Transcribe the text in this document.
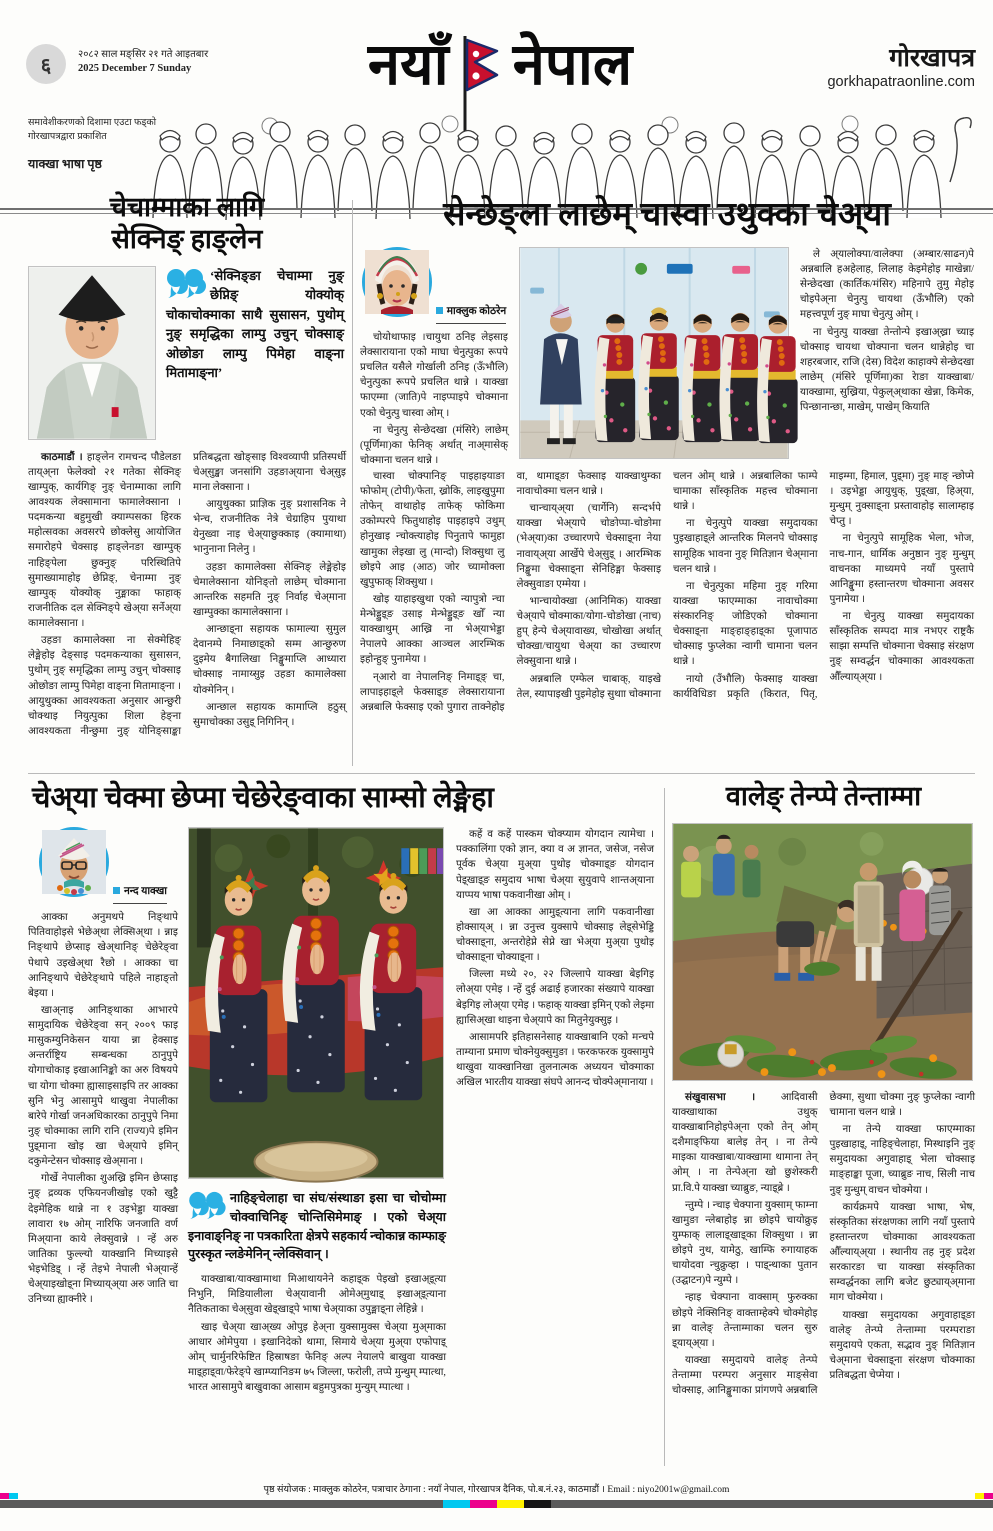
६	२०८२ साल मङ्सिर २१ गते आइतबार
2025 December 7 Sunday	नयाँ नेपाल	गोरखापत्र
gorkhapatraonline.com
समावेशीकरणको दिशामा एउटा फड्को
गोरखापत्रद्वारा प्रकाशित
याक्खा भाषा पृष्ठ
चेचाम्माका लागि
सेक्निङ् हाङ्लेन
‘सेक्निङ्ङा चेचाम्मा नुङ् छेप्निङ् योक्योक् चोकाचोक्माका साथै सुसासन, पुथोम् नुङ् समृद्धिका लाम्पु उचुन् चोक्साङ् ओछोङा लाम्पु पिमेहा वाङ्ना मितामाङ्ना’

काठमाडौं । हाङ्लेन रामचन्द पौडेलङा ताय्अ्ना फेलेक्वो २१ गतेका सेक्निङ् खाम्पुक्, कार्यगिङ् नुङ् चेनाम्माका लागि आवश्यक लेक्सामाना फामालेक्साना । पदमकन्या बहुमुखी क्याम्पसका हिरक महोत्सवका अवसरपे छोक्लेसु आयोजित समारोहपे चेक्साइ हाङ्लेनङा खाम्पुक् नाहिङ्पेला छुक्नुङ् परिस्थितिपे सुमाख्यामाहोइ छेप्निङ्, चेनाम्मा नुङ् खाम्पुक् योक्योक् नुङ्माका फाहाक् राजनीतिक दल सेक्निङ्पे खेअ्या सर्नेअ्या कामालेक्साना ।

उहङा कामालेक्सा ना सेक्मेहिङ् लेङ्मेहोइ देङ्साइ पदमकन्याका सुसासन, पुथोम् नुङ् समृद्धिका लाम्पु उचुन् चोक्साइ ओछोङा लाम्पु पिमेहा वाङ्ना मितामाङ्ना । आयुथुक्का आवश्यकता अनुसार आन्छुरी चोक्थाइ नियुत्पुका शिला हेङ्ना आवश्यकता नीन्छुमा नुङ् योनिङ्साङ्का प्रतिबद्धता खोङ्साइ विश्वव्यापी प्रतिस्पर्धी चेअ्सुङ्खा जनसांगि उहङाअ्याना चेअ्सुइ माना लेक्साना ।

आयुथुक्का प्राज्ञिक नुङ् प्रशासनिक ने भेन्च, राजनीतिक नेत्रे चेग्राहिप पुयाथा येनुख्वा नाइ चेअ्याछुक्काइ (क्यामाथा) भानुनाना निलेनु ।

उहङा कामालेक्सा सेक्निङ् लेङ्मेहोइ चेमालेक्साना योनिङ्तो लाछेम् चोक्माना आन्तरिक सहमति नुङ् निर्वाह चेअ्माना खाम्पुक्का कामालेक्साना ।

आन्छाइ्ना सहायक फामाल्या सुमुल देवानम्पे निमाछाइ्को सम्म आन्छुरुण दुइमेय बैगालिखा निङ्खुमाप्लि आध्यारा चोक्साइ नामाय्सुइ उहङा कामालेक्सा योक्मेनिन् ।

आन्छाल सहायक कामाप्लि हठुस् सुमाचोक्का उसुइ् निगिनिन् ।

सेन्छेङ्ला लाछेम् चास्वा उथुक्का चेअ्या
माक्लुक कोठरेन

चोयोथाफाइ ।चायुथा ठनिइ लेइसाइ लेक्सारायाना एको माघा चेनुत्पुका रूपपे प्रचलित यसैले गोर्खाली ठनिइ (ऊँभौलि) चेनुत्पुका रूपपे प्रचलित थान्ने । याक्खा फाएम्मा (जाति)पे नाइप्पाइपे चोक्माना एको चेनुत्पु चास्वा ओम् ।

ना चेनुत्पु सेन्छेदखा (मंसिरे) लाछेम् (पूर्णिमा)का फेनिक् अर्थात् नाअ्मासेक् चोक्माना चलन थान्ने ।

ले अ्यालोक्पा/वालेक्पा (अम्बार/साढन)पे अन्नबालि हअहेलाह, लिलाह केइमेहोइ माखेन्ना/सेन्छेदखा (कार्तिक/मंसिर) महिनापे तुमु मेहोइ चोइपेअ्ना चेनुत्पु चायथा (ऊँभौलि) एको महत्त्वपूर्ण नुङ् माघा चेनुत्पु ओम् ।

ना चेनुत्पु याक्खा तेन्तोन्पे इखाअ्ख्रा च्याइ चोक्साइ चायथा चोक्पाना चलन थान्नेहोइ चा शहरबजार, राजि (देस) विदेश काहाक्पे सेन्छेदखा लाछेम् (मंसिरे पूर्णिमा)का रेाङा याक्खाबा/याक्खामा, सुख्रिया, पेकुल्अ्थाका खेन्ना, किमेक, पिन्छानान्छा, माखेम्, पाखेम् कियाति

चास्वा चोक्पानिङ् पाइहाइयाङा फोफोम् (टोपी)/फेता, ख्रोकि, लाइखुपुमा तोफेन् वाथाहोइ ताफेक् फोकिमा उकोम्परपे फितुथाहोइ पाइहाइपे उथुम् होनुखाइ न्चोक्त्याहोइ पिनुतापे फामुहा खामुका लेइखा लु (मान्दो) शिक्सुथा लु छोइपे आइ (आठ) जोर च्यामोक्ला खुपुफाक् शिक्सुथा ।

खोइ याहाइखुथा एको न्यापुत्रो न्चा मेन्भेड्डुइ्ङ उसाइ मेन्भेड्डुइ्ङ खोँ न्या याक्खाथुम् आख्रि ना भेअ्याभेड्डा नेपालपे आक्का आञ्चल आरम्भिक इहोन्हुङ् पुनामेया ।

न्आरो वा नेपालनिङ् निमाइ्ङ् चा, लापाइहाइ्ले फेक्साइ्ङ लेक्सारायाना अन्नबालि फेक्साइ एको पुगारा ताक्नेहोइ वा, थामाइ्ङा फेक्साइ याक्खाथुम्का नावाचोक्मा चलन थान्ने ।

चान्चाय्अ्या (चार्गेनि) सन्दर्भपे याक्खा भेअ्यापे चोङोप्पा-चोङोमा (भेअ्या)का उच्चारणपे चेक्साइ्ना नेया नावाय्अ्या आर्खेपे चेअ्सुइ् । आरम्भिक निङ्खुमा चेक्साइ्ना सेनिहिङ्मा फेक्साइ लेक्सुवाङा एम्मेया ।

भान्चायोक्खा (आनिमिक) याक्खा चेअ्यापे चोक्माका/योगा-चोङोखा (नाच) हुप् हेन्पे चेअ्यावाख्य, चोखोखा अर्थात् चोक्खा/चायुथा चेअ्या का उच्चारण लेक्सुवाना थान्ने ।

अन्नबालि एम्फेल चाबाक्, याइखे तेल, स्यापाइखी पुइमेहोइ सुथाा चोक्माना चलन ओम् थान्ने । अन्नबालिका फाम्पे चामाका साँस्कृतिक महत्त्व चोक्माना थान्ने ।

ना चेनुत्पुपे याक्खा समुदायका पुइखाहाइ्ले आन्तरिक मिलनपे चोक्साइ सामूहिक भावना नुङ् मितिज्ञान चेअ्माना चलन थान्ने ।

ना चेनुत्पुका महिमा नुङ् गरिमा याक्खा फाएम्माका नावाचोक्मा संस्कारनिङ् जोडिएको चोक्माना चेक्साइ्ना माङ्हाङ्हाइ्का पूजापाठ चोक्साइ फुप्लेका न्वागी चामाना चलन थान्ने ।

नायो (उँभौलि) फेक्साइ याक्खा कार्यविधिङा प्रकृति (किरात, पितृ, माइम्मा, हिमाल, पुइ्मा) नुङ् माङ् न्छोप्मे । उइभेड्डा आयुथुक्, पुइ्खा, हिअ्या, मुन्धुम् नुक्साइ्ना प्रस्तावाहोइ सालाम्हाइ चेप्तु ।

ना चेनुत्पुपे सामूहिक भेला, भोज, नाच-गान, धार्मिक अनुष्ठान नुङ् मुन्धुम् वाचनका माध्यमपे नयाँ पुस्तापे आनिङ्खुमा हस्तान्तरण चोक्माना अवसर पुनामेया ।

ना चेनुत्पु याक्खा समुदायका साँस्कृतिक सम्पदा मात्र नभएर राष्ट्रकै साझा सम्पत्ति चोक्माना चेक्साइ संरक्षण नुङ् सम्वर्द्धन चोक्माका आवश्यकता औँल्याय्अ्या ।

चेअ्या चेक्मा छेप्मा चेछेरेङ्वाका साम्सो लेङ्मेहा
नन्द याक्खा

आक्का अनुमथपे निङ्थापे पितिवाहोइसे भेछेअ्था लेक्सिअ्था । न्नाइ निङ्थापे छेप्साइ खेअ्थानिङ् चेछेरेङ्वा पेथापे उइखेअ्था रैछो । आक्का चा आनिङ्थापे चेछेरेङ्थापे पहिले नाहाङ्तो बेइया ।

खाअ्नाइ आनिङ्थाका आभारपे सामुदायिक चेछेरेङ्वा सन् २००९ फाइ मासुकम्युनिकेसन याया न्ना हेक्साइ अन्तर्राष्ट्रिय सम्बन्धका ठानुपुपे योगाचोकाइ इखाआनिङ्को का अरु विषयपे चा योगा चोक्मा ह्यासाइसाइपि तर आक्का सुनि भेनु आसामुपे थाखुवा नेपालीका बारेपे गोर्खा जनअधिकारका ठानुपुपे निमा नुङ् चोक्माका लागि रानि (राज्य)पे इमिन पुइ्माना खोइ खा चेअ्यापे इमिन् दकुमेन्टेसन चोक्साइ खेअ्माना ।

गोर्खे नेपालीका शुअख्रि इमिन छेप्साइ नुङ् द्रव्यक एफियनजीखोइ एको खुट्टै देइमेहिक थान्ने ना १ उइभेड्डा याक्खा लावारा १७ ओम् नारिफि जनजाति वर्ण मिअ्याना काये लेक्सुवान्ने । न्हें अरु जातिका फुल्ल्यो याक्खानि मिच्याइसे भेइभेडिइ् । न्हें तेइभे नेपाली भेअ्यान्हें चेअ्याइखोइ्ना मिच्याय्अ्या अरु जाति चा उनिच्या ह्याक्नीरे ।

नाहिङ्चेलाहा चा संघ/संस्थाङा इसा चा चोचोम्मा चोक्वाचिनिङ् चोन्तिसिमेमाङ् । एको चेअ्या इनावाङ्निङ् ना पत्रकारिता क्षेत्रपे सहकार्य न्चोकान्न काम्फाङ् पुरस्कृत न्लङेमेनिन् न्लेक्सिवान् ।

याक्खाबा/याक्खामाथा मिआथायनेने कहाइ्क पेइखो इखाअ्इ्त्या निभुनि, मिडियालीला चेअ्यावानी ओमेअ्मुथाइ् इखाअ्इ्त्याना नैतिकताका चेअ्सुवा खेइ्खाइ्पे भाषा चेअ्याका उपुङ्माइ्ना लेहिन्ने ।

खाइ चेअ्या खाअ्ख्य ओपुइ हेअ्ना युक्सामुक्स चेअ्या मुअ्माका आधार ओमेपुया । इखानिदेको थामा, सिमाये चेअ्या मुअ्या एफोपाइ् ओम् चार्मुनरिफेष्टित हिस्राषङा फेनिङ् अल्प नेयालपे बाखुवा याक्खा माइ्हाइ्वा/फेरेङ्पे खाम्प्यानिङम ७५ जिल्ला, फरोली, तप्पे मुन्थुम् म्पात्था, भारत आसामुपे बाखुवाका आसाम बहुमपुत्रका मुन्युम् म्पात्था ।

कहें व कहें पास्कम चोक्प्याम योगदान त्यामेचा । पक्कालिंगा एको ज्ञान, क्या व अ ज्ञानत, जसेज, नसेज पूर्वक चेअ्या मुअ्या पुथोइ चोक्माइ्ङ योगदान पेइ्खाइ्ङ समुदाय भाषा चेअ्या सुयुवापे शान्तअ्याना याप्पय भाषा पकवानीखा ओम् ।

खा आ आक्का आमुइ्त्याना लागि पकवानीखा होक्साय्अ् । न्ना उनुत्त्व युक्सापे चोक्साइ लेइ्सेभेड्डि चोक्साइ्ना, अन्तरोहेप्ने सेप्ने खा भेअ्या मुअ्या पुथोइ चोक्साइ्ना चोक्याइ्ना ।

जिल्ला मध्ये २०, २२ जिल्लापे याक्खा बेइगिइ लोअ्या एमेइ । न्हें दुई अढाई हजारका संख्यापे याक्खा बेइगिइ लोअ्या एमेइ । फहाक् याक्खा इमिन् एको लेइमा ह्यासिअ्खा थाइना चेअ्यापे का मितुनेयुक्सुइ ।

आसामपरि इतिहासनेसाह याक्खाबानि एको मन्चपे ताम्याना प्रमाण चोक्नेयुक्सुमुङा । फरकफरक युक्सामुपे थाखुवा याक्खानिखा तुलनात्मक अध्ययन चोक्माका अखिल भारतीय याक्खा संघपे आनन्द चोक्पेअ्मानाया ।

वालेङ् तेन्प्पे तेन्ताम्मा

संखुवासभा । आदिवासी याक्खाथाका उथुक् याक्खाबानिहोइपेअ्ना एको तेन् ओम् दशैमाङ्फिया बालेइ तेन् । ना तेन्पे माइका याक्खाबा/याक्खामा थामाना तेन् ओम् । ना तेन्पेअ्ना खो छुशेस्करी प्रा.वि.पे याक्खा च्याब्रुङ, न्याइ्ब्रे ।

न्तुम्पे । न्चाइ चेक्पाना युक्साम् फाम्ना खामुङा न्लेबाहोइ न्ना छोइपे चायोक्रुइ युम्फाक् लालाइ्खाइ्का शिक्सुथा । न्ना छोइपे नुथ, यामेठु, खाम्फि रुगायाहक चायोदवा न्चुक्रुव्हा । पाइ्न्थाका पुतान (उद्घाटन)पे न्युम्पे ।

न्हाइ चेक्पाना वाक्साम् फुरुक्का छोइपे नेक्सिनिङ् वाक्ताम्हेक्पे चोक्मेहोइ न्ना वालेङ् तेन्ताम्माका चलन सुरु इ्याय्अ्या ।

याक्खा समुदायपे वालेङ् तेन्प्पे तेन्ताम्मा परम्परा अनुसार माङ्सेवा चोक्साइ, आनिङ्खुमाका प्रांगणपे अन्नबालि छेक्मा, सुथाा चोक्मा नुङ् फुप्लेका न्वागी चामाना चलन थान्ने ।

ना तेन्पे याक्खा फाएम्माका पुइखाहाइ्, नाहिङ्चेलाहा, मिस्थाइनि नुङ् समुदायका अगुवाहाइ् भेला चोक्साइ माङ्हाङ्का पूजा, च्याब्रुङ नाच, सिली नाच नुङ् मुन्धुम् वाचन चोक्मेया ।

कार्यक्रमपे याक्खा भाषा, भेष, संस्कृतिका संरक्षणका लागि नयाँ पुस्तापे हस्तान्तरण चोक्माका आवश्यकता औँल्याय्अ्या । स्थानीय तह नुङ् प्रदेश सरकारङा चा याक्खा संस्कृतिका सम्वर्द्धनका लागि बजेट छुट्याय्अ्माना माग चोक्मेया ।

याक्खा समुदायका अगुवाहाइ्ङा वालेङ् तेन्प्पे तेन्ताम्मा परम्पराङा समुदायपे एकता, सद्भाव नुङ् मितिज्ञान चेअ्माना चेक्साइ्ना संरक्षण चोक्माका प्रतिबद्धता चेप्मेया ।

पृष्ठ संयोजक : माक्लुक कोठरेन, पत्राचार ठेगाना : नयाँ नेपाल, गोरखापत्र दैनिक, पो.ब.नं.२३, काठमाडौं । Email : niyo2001w@gmail.com
